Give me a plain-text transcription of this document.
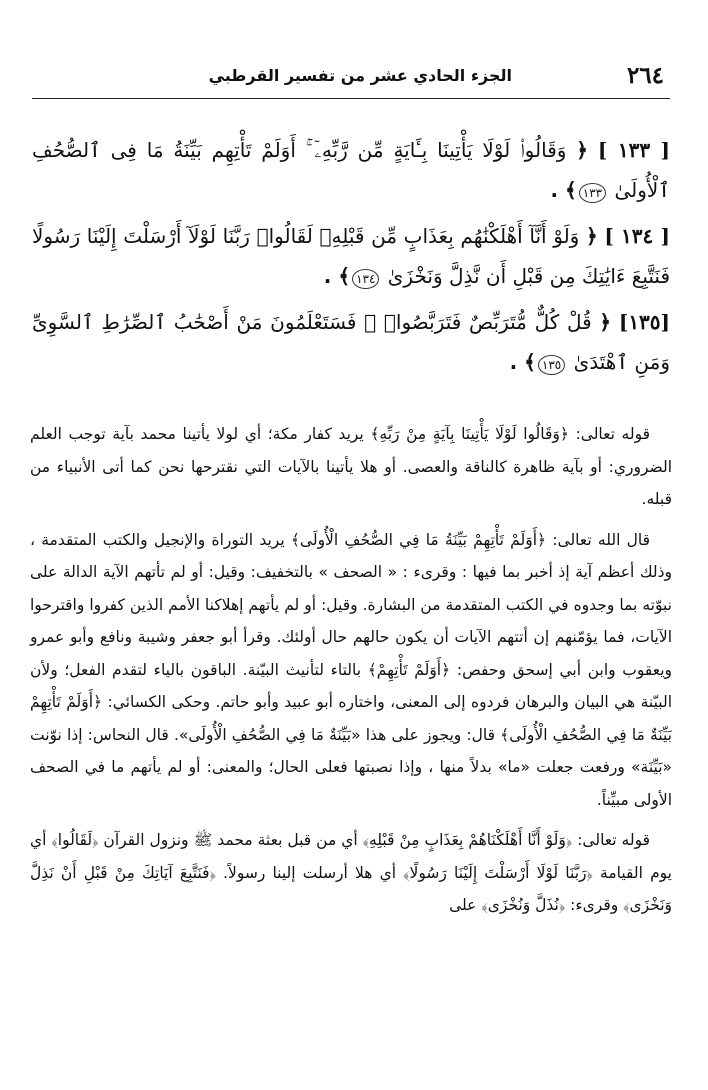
٢٦٤
الجزء الحادي عشر من تفسير القرطبي

[ ١٣٣ ] ﴿ وَقَالُوا۟ لَوْلَا يَأْتِينَا بِـَٔايَةٍ مِّن رَّبِّهِۦٓ ۚ أَوَلَمْ تَأْتِهِم بَيِّنَةُ مَا فِى ٱلصُّحُفِ ٱلْأُولَىٰ ١٣٣﴾ .

[ ١٣٤ ] ﴿ وَلَوْ أَنَّآ أَهْلَكْنَٰهُم بِعَذَابٍ مِّن قَبْلِهِۦ لَقَالُوا۟ رَبَّنَا لَوْلَآ أَرْسَلْتَ إِلَيْنَا رَسُولًا فَنَتَّبِعَ ءَايَٰتِكَ مِن قَبْلِ أَن نَّذِلَّ وَنَخْزَىٰ ١٣٤﴾ .

[١٣٥] ﴿ قُلْ كُلٌّ مُّتَرَبِّصٌ فَتَرَبَّصُوا۟ ۖ فَسَتَعْلَمُونَ مَنْ أَصْحَٰبُ ٱلصِّرَٰطِ ٱلسَّوِىِّ وَمَنِ ٱهْتَدَىٰ ١٣٥﴾ .

قوله تعالى: ﴿وَقَالُوا لَوْلَا يَأْتِينَا بِآيَةٍ مِنْ رَبِّهِ﴾ يريد كفار مكة؛ أي لولا يأتينا محمد بآية توجب العلم الضروري: أو بآية ظاهرة كالناقة والعصى. أو هلا يأتينا بالآيات التي نقترحها نحن كما أتى الأنبياء من قبله.

قال الله تعالى: ﴿أَوَلَمْ تَأْتِهِمْ بَيِّنَةُ مَا فِي الصُّحُفِ الْأُولَى﴾ يريد التوراة والإنجيل والكتب المتقدمة ، وذلك أعظم آية إذ أخبر بما فيها : وقرىء : « الصحف » بالتخفيف: وقيل: أو لم تأتهم الآية الدالة على نبوّته بما وجدوه في الكتب المتقدمة من البشارة. وقيل: أو لم يأتهم إهلاكنا الأمم الذين كفروا واقترحوا الآيات، فما يؤمّنهم إن أتتهم الآيات أن يكون حالهم حال أولئك. وقرأ أبو جعفر وشيبة ونافع وأبو عمرو ويعقوب وابن أبي إسحق وحفص: ﴿أَوَلَمْ تَأْتِهِمْ﴾ بالتاء لتأنيث البيّنة. الباقون بالياء لتقدم الفعل؛ ولأن البيّنة هي البيان والبرهان فردوه إلى المعنى، واختاره أبو عبيد وأبو حاتم. وحكى الكسائي: ﴿أَوَلَمْ تَأْتِهِمْ بَيِّنَةٌ مَا فِي الصُّحُفِ الْأُولَى﴾ قال: ويجوز على هذا «بَيِّنَةٌ مَا فِي الصُّحُفِ الْأُولَى». قال النحاس: إذا نوّنت «بَيِّنَة» ورفعت جعلت «ما» بدلاً منها ، وإذا نصبتها فعلى الحال؛ والمعنى: أو لم يأتهم ما في الصحف الأولى مبيِّناً.

قوله تعالى: ﴿وَلَوْ أَنَّا أَهْلَكْنَاهُمْ بِعَذَابٍ مِنْ قَبْلِهِ﴾ أي من قبل بعثة محمد ﷺ ونزول القرآن ﴿لَقَالُوا﴾ أي يوم القيامة ﴿رَبَّنَا لَوْلَا أَرْسَلْتَ إِلَيْنَا رَسُولًا﴾ أي هلا أرسلت إلينا رسولاً. ﴿فَنَتَّبِعَ آيَاتِكَ مِنْ قَبْلِ أَنْ نَذِلَّ وَنَخْزَى﴾ وقرىء: ﴿نُذَلَّ وَنُخْزَى﴾ على
